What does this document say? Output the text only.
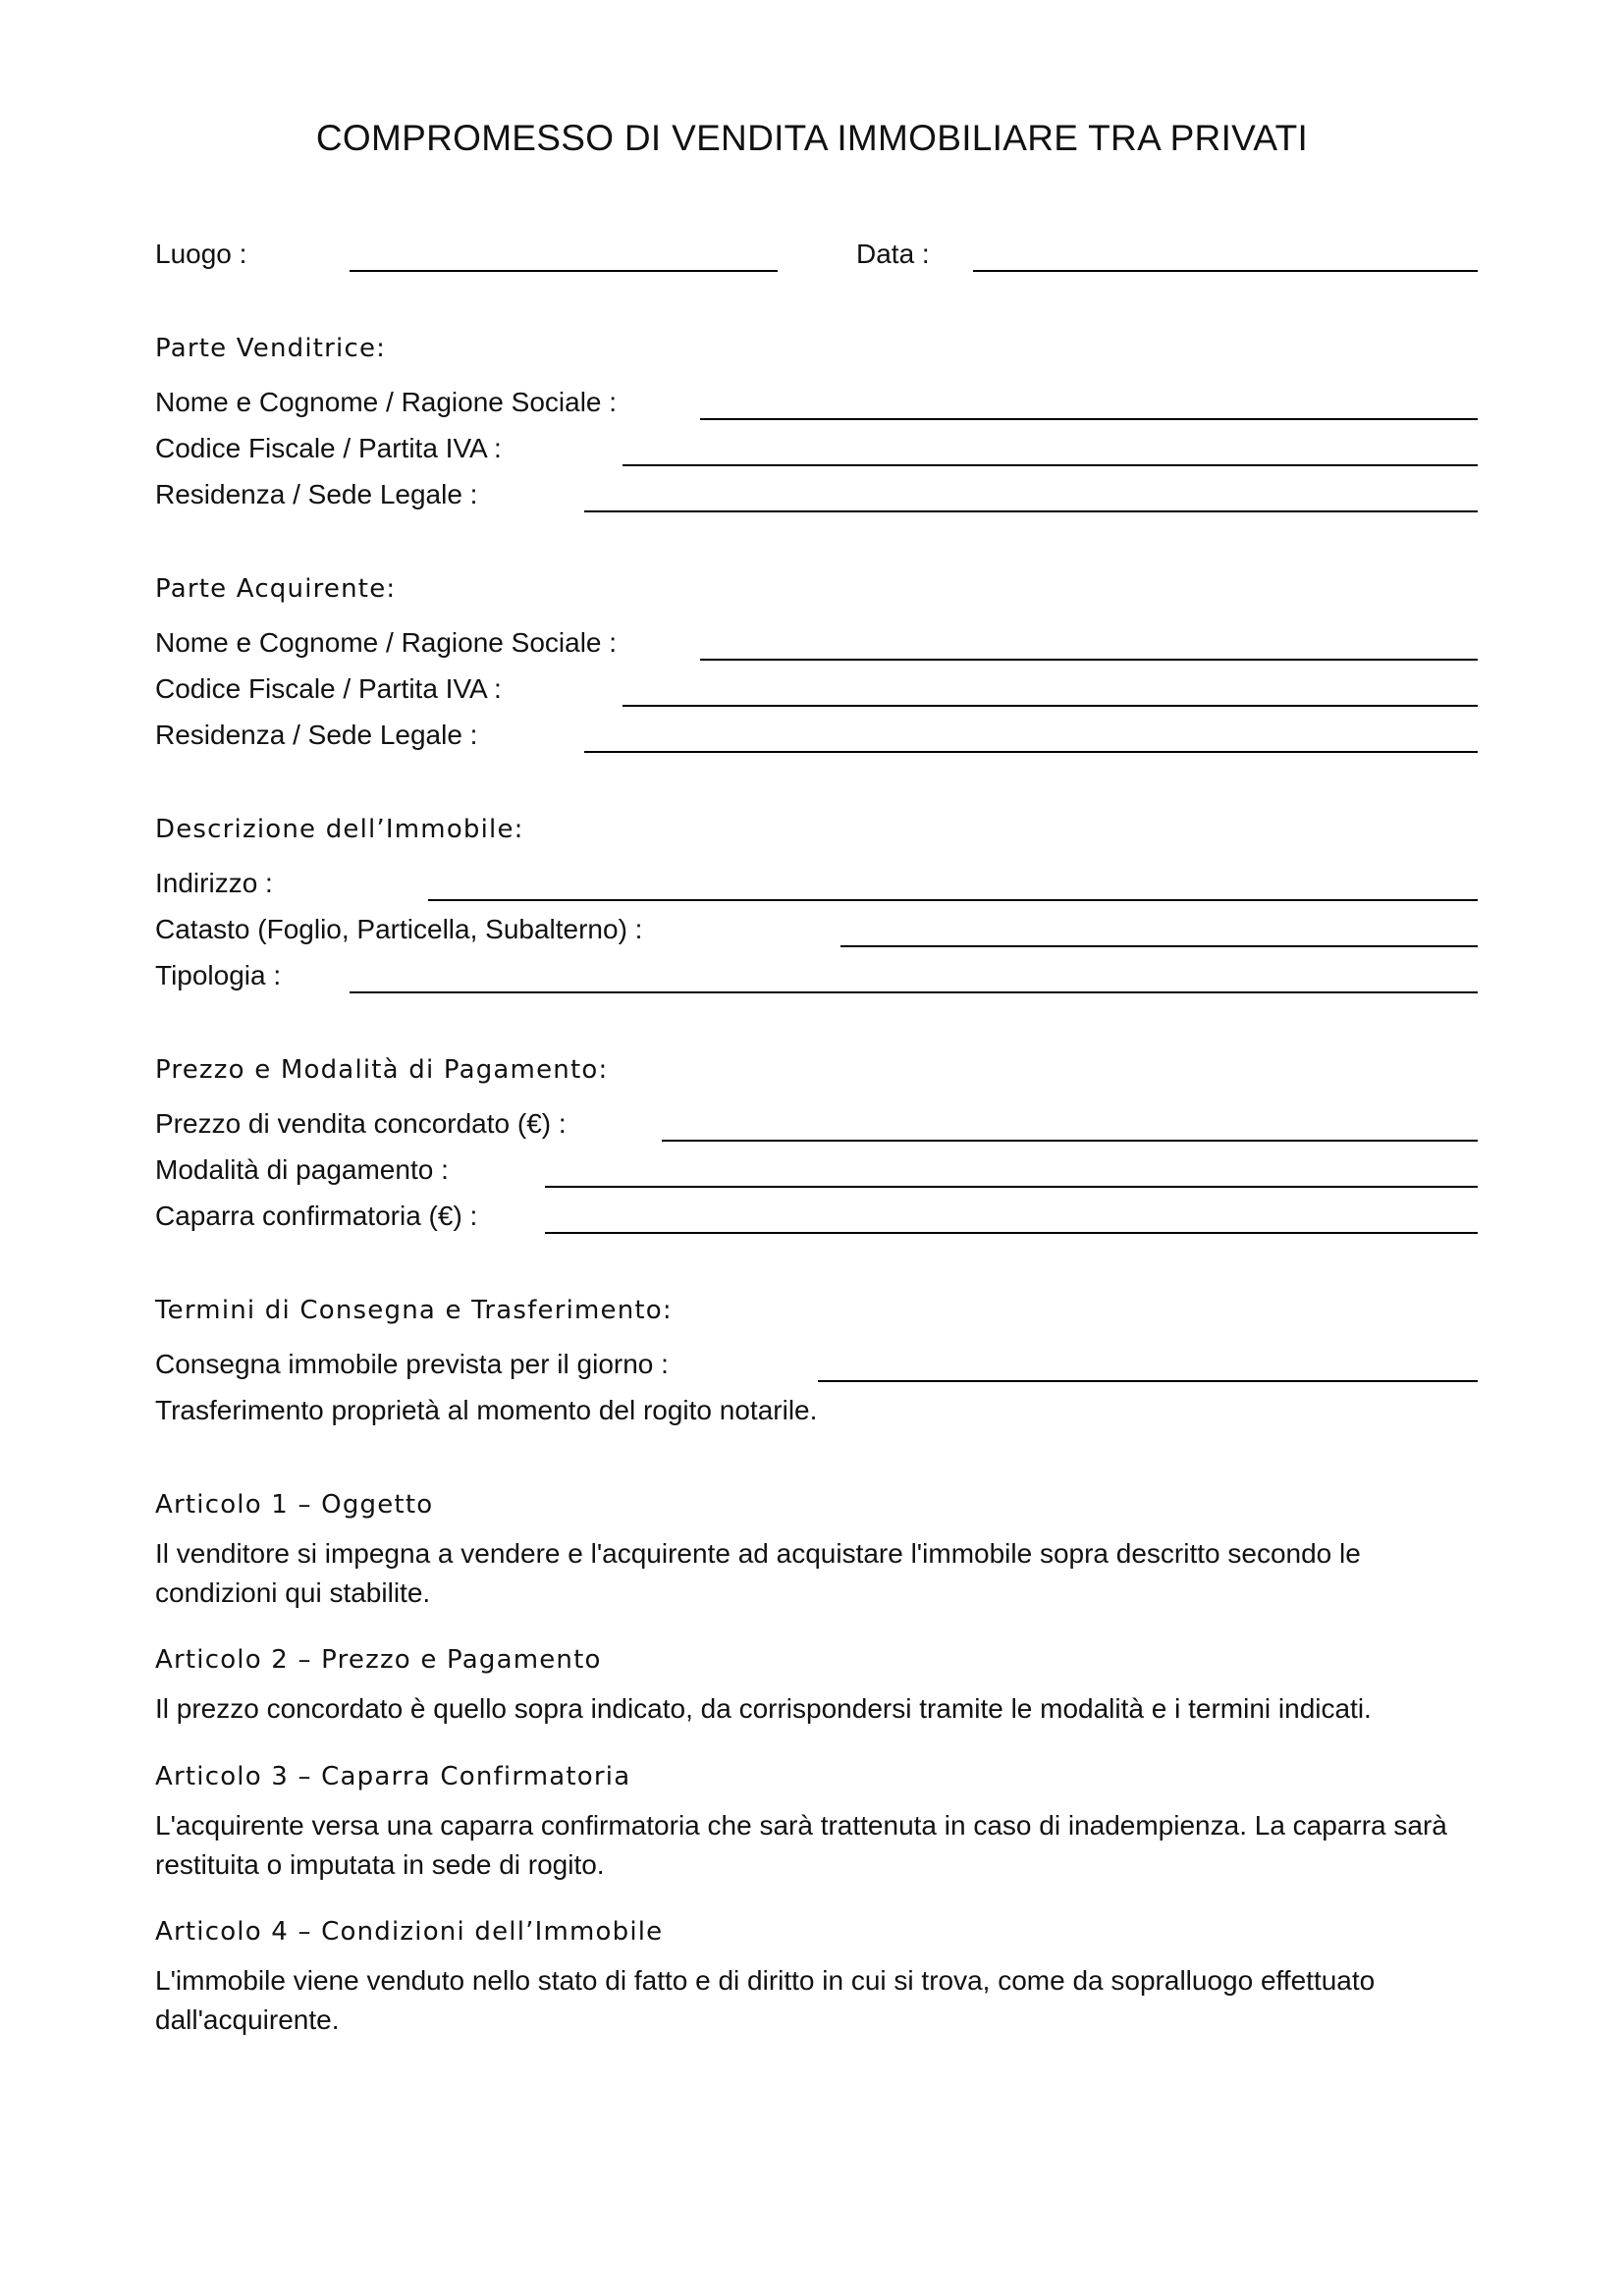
COMPROMESSO DI VENDITA IMMOBILIARE TRA PRIVATI
Luogo :	Data :
Parte Venditrice:
Nome e Cognome / Ragione Sociale :
Codice Fiscale / Partita IVA :
Residenza / Sede Legale :
Parte Acquirente:
Nome e Cognome / Ragione Sociale :
Codice Fiscale / Partita IVA :
Residenza / Sede Legale :
Descrizione dell’Immobile:
Indirizzo :
Catasto (Foglio, Particella, Subalterno) :
Tipologia :
Prezzo e Modalità di Pagamento:
Prezzo di vendita concordato (€) :
Modalità di pagamento :
Caparra confirmatoria (€) :
Termini di Consegna e Trasferimento:
Consegna immobile prevista per il giorno :
Trasferimento proprietà al momento del rogito notarile.
Articolo 1 – Oggetto
Il venditore si impegna a vendere e l'acquirente ad acquistare l'immobile sopra descritto secondo le condizioni qui stabilite.
Articolo 2 – Prezzo e Pagamento
Il prezzo concordato è quello sopra indicato, da corrispondersi tramite le modalità e i termini indicati.
Articolo 3 – Caparra Confirmatoria
L'acquirente versa una caparra confirmatoria che sarà trattenuta in caso di inadempienza. La caparra sarà restituita o imputata in sede di rogito.
Articolo 4 – Condizioni dell’Immobile
L'immobile viene venduto nello stato di fatto e di diritto in cui si trova, come da sopralluogo effettuato dall'acquirente.
